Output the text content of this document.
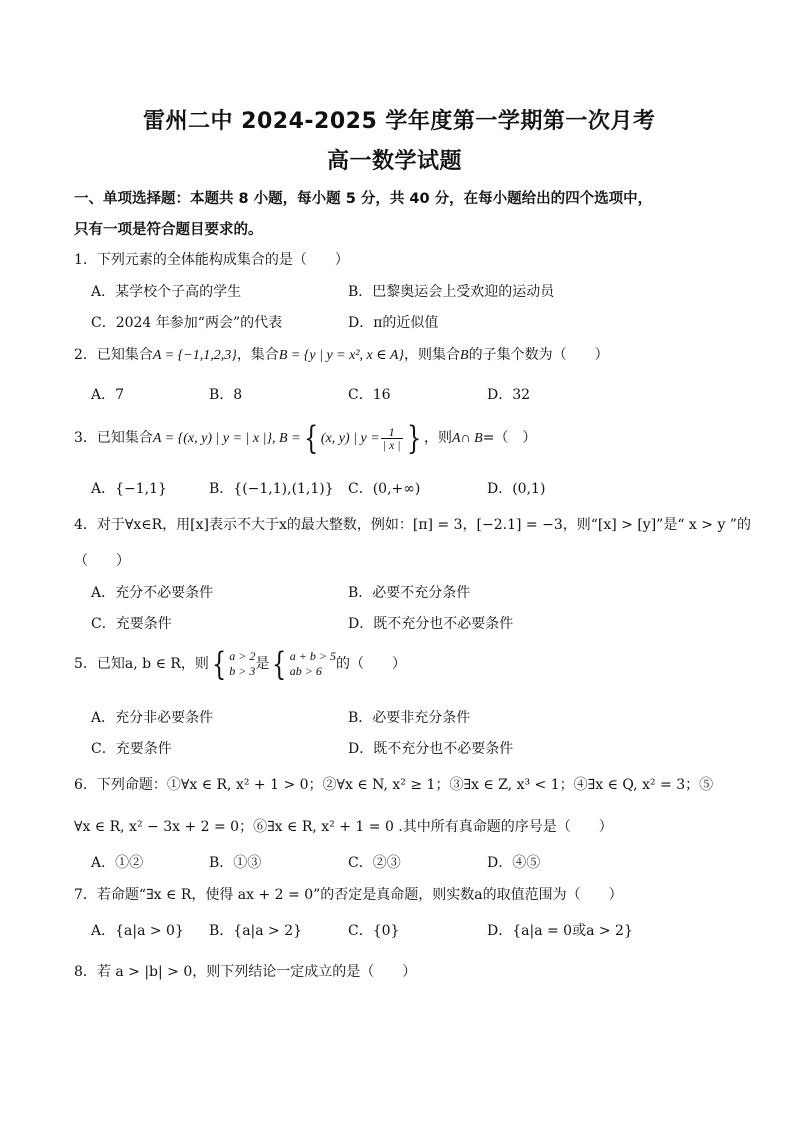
雷州二中 2024-2025 学年度第一学期第一次月考
高一数学试题
一、单项选择题：本题共 8 小题，每小题 5 分，共 40 分，在每小题给出的四个选项中，
只有一项是符合题目要求的。
1．下列元素的全体能构成集合的是（　　）
A．某学校个子高的学生	B．巴黎奥运会上受欢迎的运动员
C．2024 年参加“两会”的代表	D．π的近似值
2．已知集合A = {−1,1,2,3}，集合B = {y | y = x², x ∈ A}，则集合B的子集个数为（　　）
A．7	B．8	C．16	D．32
3．已知集合A = {(x, y) | y = | x |}, B ={ (x, y) | $y = \frac{1}{| x |}$ } ，则A∩ B=（　）
A．{−1,1}	B．{(−1,1),(1,1)} C．(0,+∞)	D．(0,1)
4．对于∀x∈R，用[x]表示不大于x的最大整数，例如：[π] = 3，[−2.1] = −3，则“[x] > [y]”是“ x > y ”的
（　　）
A．充分不必要条件	B．必要不充分条件
C．充要条件	D．既不充分也不必要条件
5．已知a, b ∈ R，则{ a > 2
b > 3 是{ a + b > 5
ab > 6	的（　　）
A．充分非必要条件	B．必要非充分条件
C．充要条件	D．既不充分也不必要条件
6．下列命题：①∀x ∈ R, x² + 1 > 0；②∀x ∈ N, x² ≥ 1；③∃x ∈ Z, x³ < 1；④∃x ∈ Q, x² = 3；⑤
∀x ∈ R, x² − 3x + 2 = 0；⑥∃x ∈ R, x² + 1 = 0 .其中所有真命题的序号是（　　）
A．①②	B．①③	C．②③	D．④⑤
7．若命题“∃x ∈ R，使得 ax + 2 = 0”的否定是真命题，则实数a的取值范围为（　　）
A．{a|a > 0} B．{a|a > 2}	C．{0}	D．{a|a = 0或a > 2}
8．若 a > |b| > 0，则下列结论一定成立的是（　　）
